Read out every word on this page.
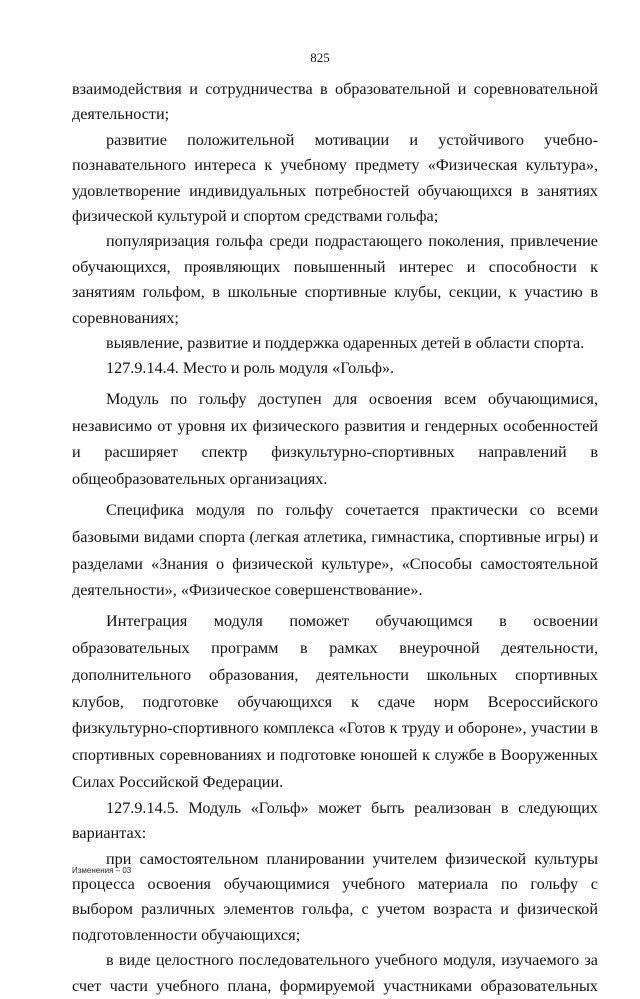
825

взаимодействия и сотрудничества в образовательной и соревновательной деятельности;

развитие положительной мотивации и устойчивого учебно-познавательного интереса к учебному предмету «Физическая культура», удовлетворение индивидуальных потребностей обучающихся в занятиях физической культурой и спортом средствами гольфа;

популяризация гольфа среди подрастающего поколения, привлечение обучающихся, проявляющих повышенный интерес и способности к занятиям гольфом, в школьные спортивные клубы, секции, к участию в соревнованиях;

выявление, развитие и поддержка одаренных детей в области спорта.

127.9.14.4. Место и роль модуля «Гольф».

Модуль по гольфу доступен для освоения всем обучающимися, независимо от уровня их физического развития и гендерных особенностей и расширяет спектр физкультурно-спортивных направлений в общеобразовательных организациях.

Специфика модуля по гольфу сочетается практически со всеми базовыми видами спорта (легкая атлетика, гимнастика, спортивные игры) и разделами «Знания о физической культуре», «Способы самостоятельной деятельности», «Физическое совершенствование».

Интеграция модуля поможет обучающимся в освоении образовательных программ в рамках внеурочной деятельности, дополнительного образования, деятельности школьных спортивных клубов, подготовке обучающихся к сдаче норм Всероссийского физкультурно-спортивного комплекса «Готов к труду и обороне», участии в спортивных соревнованиях и подготовке юношей к службе в Вооруженных Силах Российской Федерации.

127.9.14.5. Модуль «Гольф» может быть реализован в следующих вариантах:

при самостоятельном планировании учителем физической культуры процесса освоения обучающимися учебного материала по гольфу с выбором различных элементов гольфа, с учетом возраста и физической подготовленности обучающихся;

в виде целостного последовательного учебного модуля, изучаемого за счет части учебного плана, формируемой участниками образовательных

Изменения – 03
